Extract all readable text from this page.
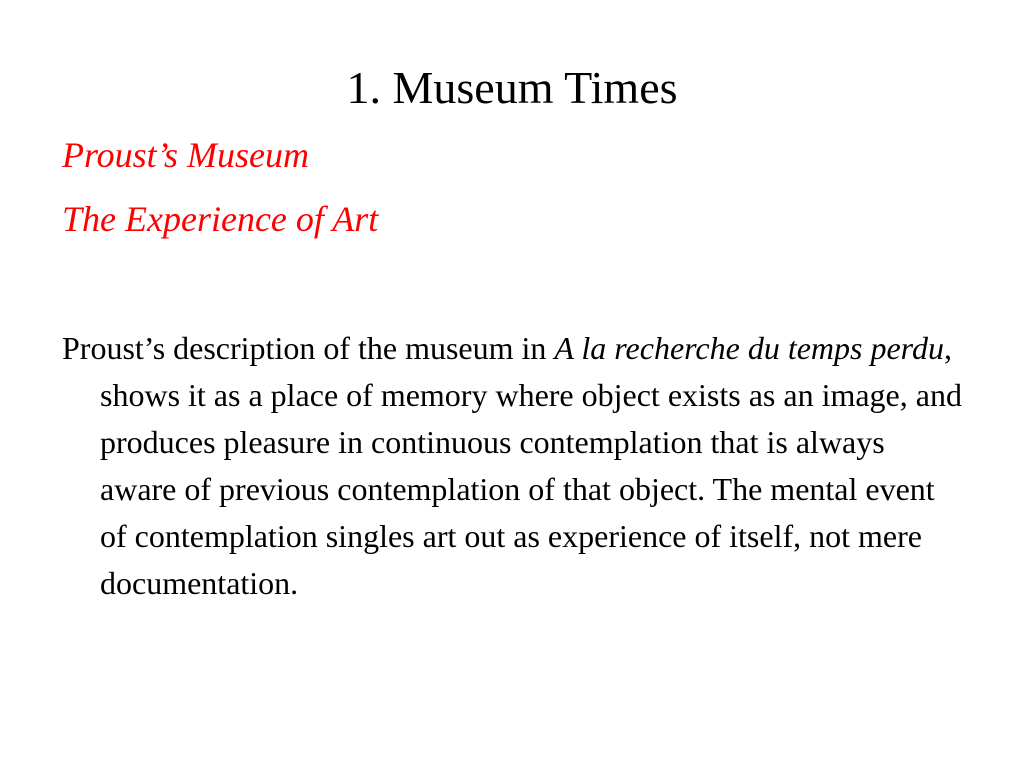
1. Museum Times
Proust’s Museum
The Experience of Art
Proust’s description of the museum in A la recherche du temps perdu, shows it as a place of memory where object exists as an image, and produces pleasure in continuous contemplation that is always aware of previous contemplation of that object. The mental event of contemplation singles art out as experience of itself, not mere documentation.
